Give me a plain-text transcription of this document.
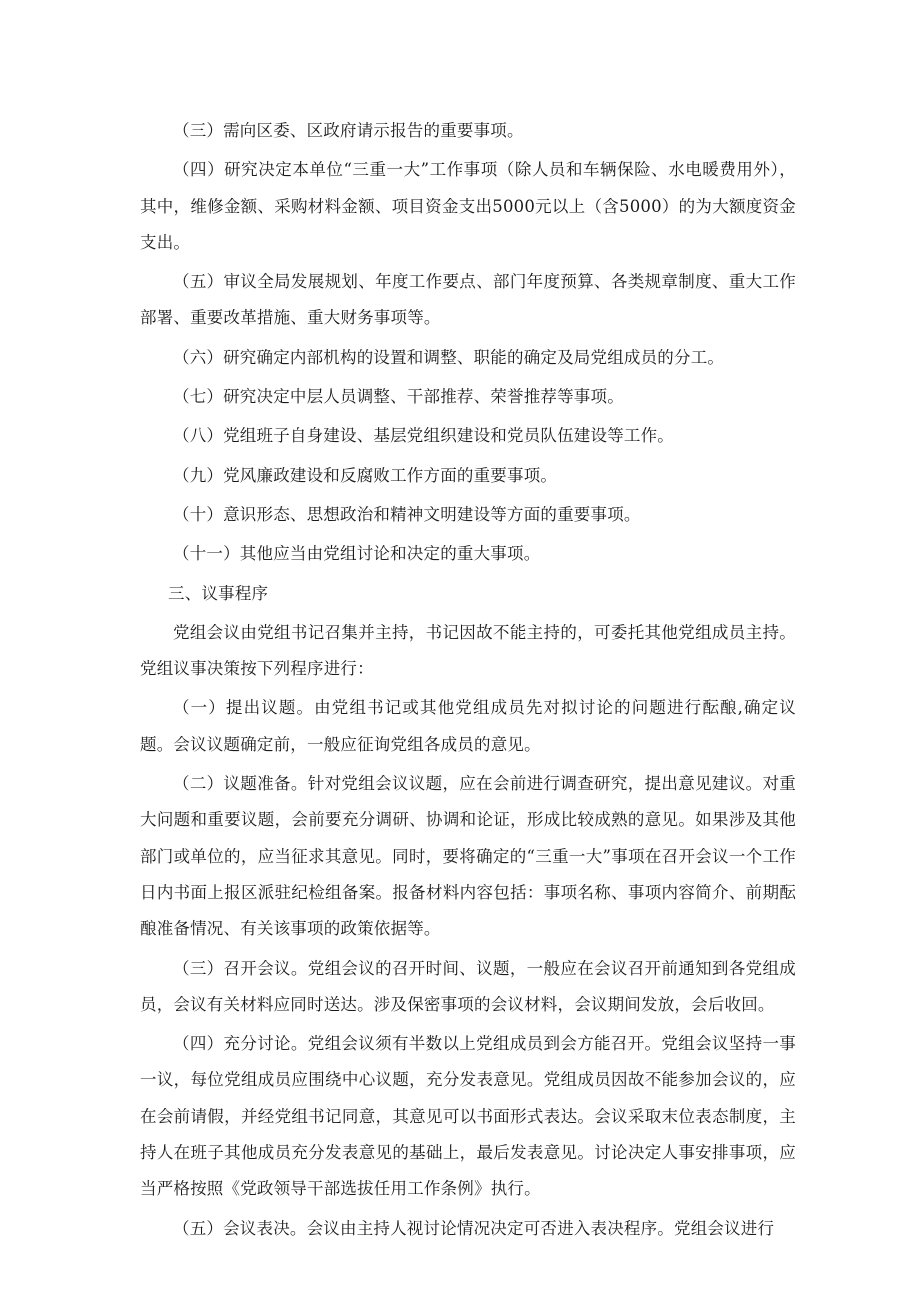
（三）需向区委、区政府请示报告的重要事项。

（四）研究决定本单位“三重一大”工作事项（除人员和车辆保险、水电暖费用外），其中，维修金额、采购材料金额、项目资金支出5000元以上（含5000）的为大额度资金支出。

（五）审议全局发展规划、年度工作要点、部门年度预算、各类规章制度、重大工作部署、重要改革措施、重大财务事项等。

（六）研究确定内部机构的设置和调整、职能的确定及局党组成员的分工。

（七）研究决定中层人员调整、干部推荐、荣誉推荐等事项。

（八）党组班子自身建设、基层党组织建设和党员队伍建设等工作。

（九）党风廉政建设和反腐败工作方面的重要事项。

（十）意识形态、思想政治和精神文明建设等方面的重要事项。

（十一）其他应当由党组讨论和决定的重大事项。

三、议事程序

党组会议由党组书记召集并主持，书记因故不能主持的，可委托其他党组成员主持。党组议事决策按下列程序进行：

（一）提出议题。由党组书记或其他党组成员先对拟讨论的问题进行酝酿,确定议题。会议议题确定前，一般应征询党组各成员的意见。

（二）议题准备。针对党组会议议题，应在会前进行调查研究，提出意见建议。对重大问题和重要议题，会前要充分调研、协调和论证，形成比较成熟的意见。如果涉及其他部门或单位的，应当征求其意见。同时，要将确定的“三重一大”事项在召开会议一个工作日内书面上报区派驻纪检组备案。报备材料内容包括：事项名称、事项内容简介、前期酝酿准备情况、有关该事项的政策依据等。

（三）召开会议。党组会议的召开时间、议题，一般应在会议召开前通知到各党组成员，会议有关材料应同时送达。涉及保密事项的会议材料，会议期间发放，会后收回。

（四）充分讨论。党组会议须有半数以上党组成员到会方能召开。党组会议坚持一事一议，每位党组成员应围绕中心议题，充分发表意见。党组成员因故不能参加会议的，应在会前请假，并经党组书记同意，其意见可以书面形式表达。会议采取末位表态制度，主持人在班子其他成员充分发表意见的基础上，最后发表意见。讨论决定人事安排事项，应当严格按照《党政领导干部选拔任用工作条例》执行。

（五）会议表决。会议由主持人视讨论情况决定可否进入表决程序。党组会议进行
